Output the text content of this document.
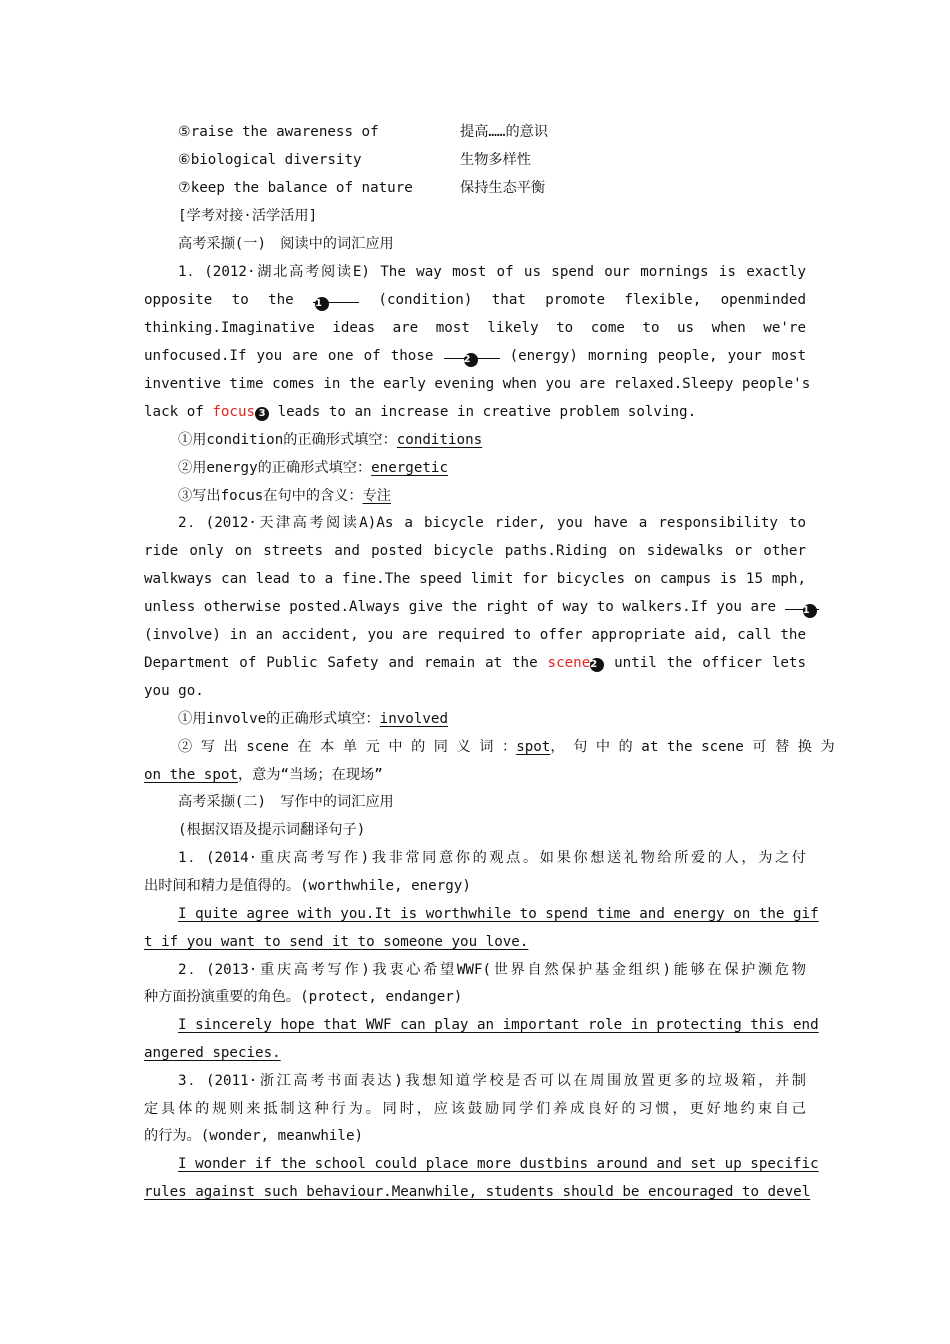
⑤raise the awareness of	提高……的意识
⑥biological diversity	生物多样性
⑦keep the balance of nature	保持生态平衡
[学考对接·活学活用]
高考采撷(一)　阅读中的词汇应用
1．(2012·湖北高考阅读E) The way most of us spend our mornings is exactly
opposite to the 1	(condition) that promote flexible, openminded
thinking.Imaginative ideas are most likely to come to us when we're
unfocused.If you are one of those	2	(energy) morning people, your most
inventive time comes in the early evening when you are relaxed.Sleepy people's
lack of focus 3 leads to an increase in creative problem solving.
①用condition的正确形式填空：conditions
②用energy的正确形式填空：energetic
③写出focus在句中的含义：专注
2．(2012·天津高考阅读A)As a bicycle rider, you have a responsibility to
ride only on streets and posted bicycle paths.Riding on sidewalks or other
walkways can lead to a fine.The speed limit for bicycles on campus is 15 mph,
unless otherwise posted.Always give the right of way to walkers.If you are	1
(involve) in an accident, you are required to offer appropriate aid, call the
Department of Public Safety and remain at the scene2 until the officer lets
you go.
①用involve的正确形式填空：involved
② 写 出 scene 在 本 单 元 中 的 同 义 词 ：spot， 句 中 的 at the scene 可 替 换 为
on the spot，意为“当场；在现场”
高考采撷(二)　写作中的词汇应用
(根据汉语及提示词翻译句子)
1．(2014·重庆高考写作)我非常同意你的观点。如果你想送礼物给所爱的人，为之付
出时间和精力是值得的。(worthwhile, energy)
I quite agree with you.It is worthwhile to spend time and energy on the gif
t if you want to send it to someone you love.
2．(2013·重庆高考写作)我衷心希望WWF(世界自然保护基金组织)能够在保护濒危物
种方面扮演重要的角色。(protect, endanger)
I sincerely hope that WWF can play an important role in protecting this end
angered species.
3．(2011·浙江高考书面表达)我想知道学校是否可以在周围放置更多的垃圾箱，并制
定具体的规则来抵制这种行为。同时，应该鼓励同学们养成良好的习惯，更好地约束自己
的行为。(wonder, meanwhile)
I wonder if the school could place more dustbins around and set up specific
rules against such behaviour.Meanwhile, students should be encouraged to devel
